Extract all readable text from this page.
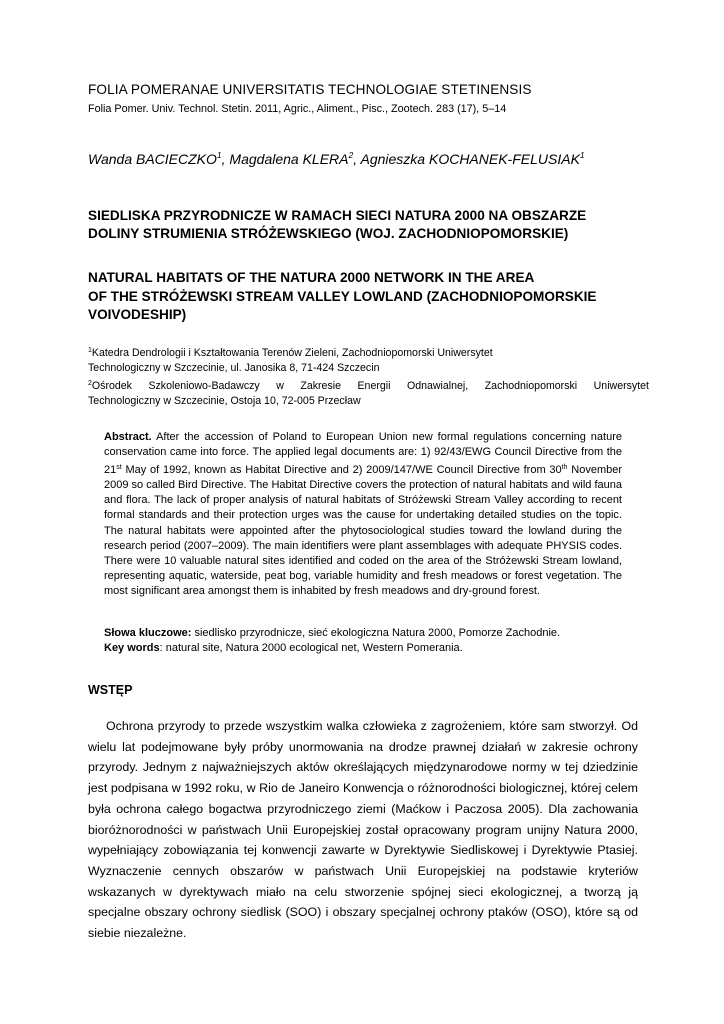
FOLIA POMERANAE UNIVERSITATIS TECHNOLOGIAE STETINENSIS
Folia Pomer. Univ. Technol. Stetin. 2011, Agric., Aliment., Pisc., Zootech. 283 (17), 5–14
Wanda BACIECZKO$^1$, Magdalena KLERA$^2$, Agnieszka KOCHANEK-FELUSIAK$^1$
SIEDLISKA PRZYRODNICZE W RAMACH SIECI NATURA 2000 NA OBSZARZE
DOLINY STRUMIENIA STRÓŻEWSKIEGO (WOJ. ZACHODNIOPOMORSKIE)
NATURAL HABITATS OF THE NATURA 2000 NETWORK IN THE AREA
OF THE STRÓŻEWSKI STREAM VALLEY LOWLAND (ZACHODNIOPOMORSKIE
VOIVODESHIP)
$^1$Katedra Dendrologii i Kształtowania Terenów Zieleni, Zachodniopomorski Uniwersytet
Technologiczny w Szczecinie, ul. Janosika 8, 71-424 Szczecin
$^2$Ośrodek Szkoleniowo-Badawczy w Zakresie Energii Odnawialnej, Zachodniopomorski Uniwersytet
Technologiczny w Szczecinie, Ostoja 10, 72-005 Przecław
Abstract. After the accession of Poland to European Union new formal regulations concerning nature conservation came into force. The applied legal documents are: 1) 92/43/EWG Council Directive from the 21st May of 1992, known as Habitat Directive and 2) 2009/147/WE Council Directive from 30th November 2009 so called Bird Directive. The Habitat Directive covers the protection of natural habitats and wild fauna and flora. The lack of proper analysis of natural habitats of Stróżewski Stream Valley according to recent formal standards and their protection urges was the cause for undertaking detailed studies on the topic. The natural habitats were appointed after the phytosociological studies toward the lowland during the research period (2007–2009). The main identifiers were plant assemblages with adequate PHYSIS codes. There were 10 valuable natural sites identified and coded on the area of the Stróżewski Stream lowland, representing aquatic, waterside, peat bog, variable humidity and fresh meadows or forest vegetation. The most significant area amongst them is inhabited by fresh meadows and dry-ground forest.
Słowa kluczowe: siedlisko przyrodnicze, sieć ekologiczna Natura 2000, Pomorze Zachodnie.
Key words: natural site, Natura 2000 ecological net, Western Pomerania.
WSTĘP

Ochrona przyrody to przede wszystkim walka człowieka z zagrożeniem, które sam stworzył. Od wielu lat podejmowane były próby unormowania na drodze prawnej działań w zakresie ochrony przyrody. Jednym z najważniejszych aktów określających międzynarodowe normy w tej dziedzinie jest podpisana w 1992 roku, w Rio de Janeiro Konwencja o różnorodności biologicznej, której celem była ochrona całego bogactwa przyrodniczego ziemi (Maćkow i Paczosa 2005). Dla zachowania bioróżnorodności w państwach Unii Europejskiej został opracowany program unijny Natura 2000, wypełniający zobowiązania tej konwencji zawarte w Dyrektywie Siedliskowej i Dyrektywie Ptasiej. Wyznaczenie cennych obszarów w państwach Unii Europejskiej na podstawie kryteriów wskazanych w dyrektywach miało na celu stworzenie spójnej sieci ekologicznej, a tworzą ją specjalne obszary ochrony siedlisk (SOO) i obszary specjalnej ochrony ptaków (OSO), które są od siebie niezależne.
